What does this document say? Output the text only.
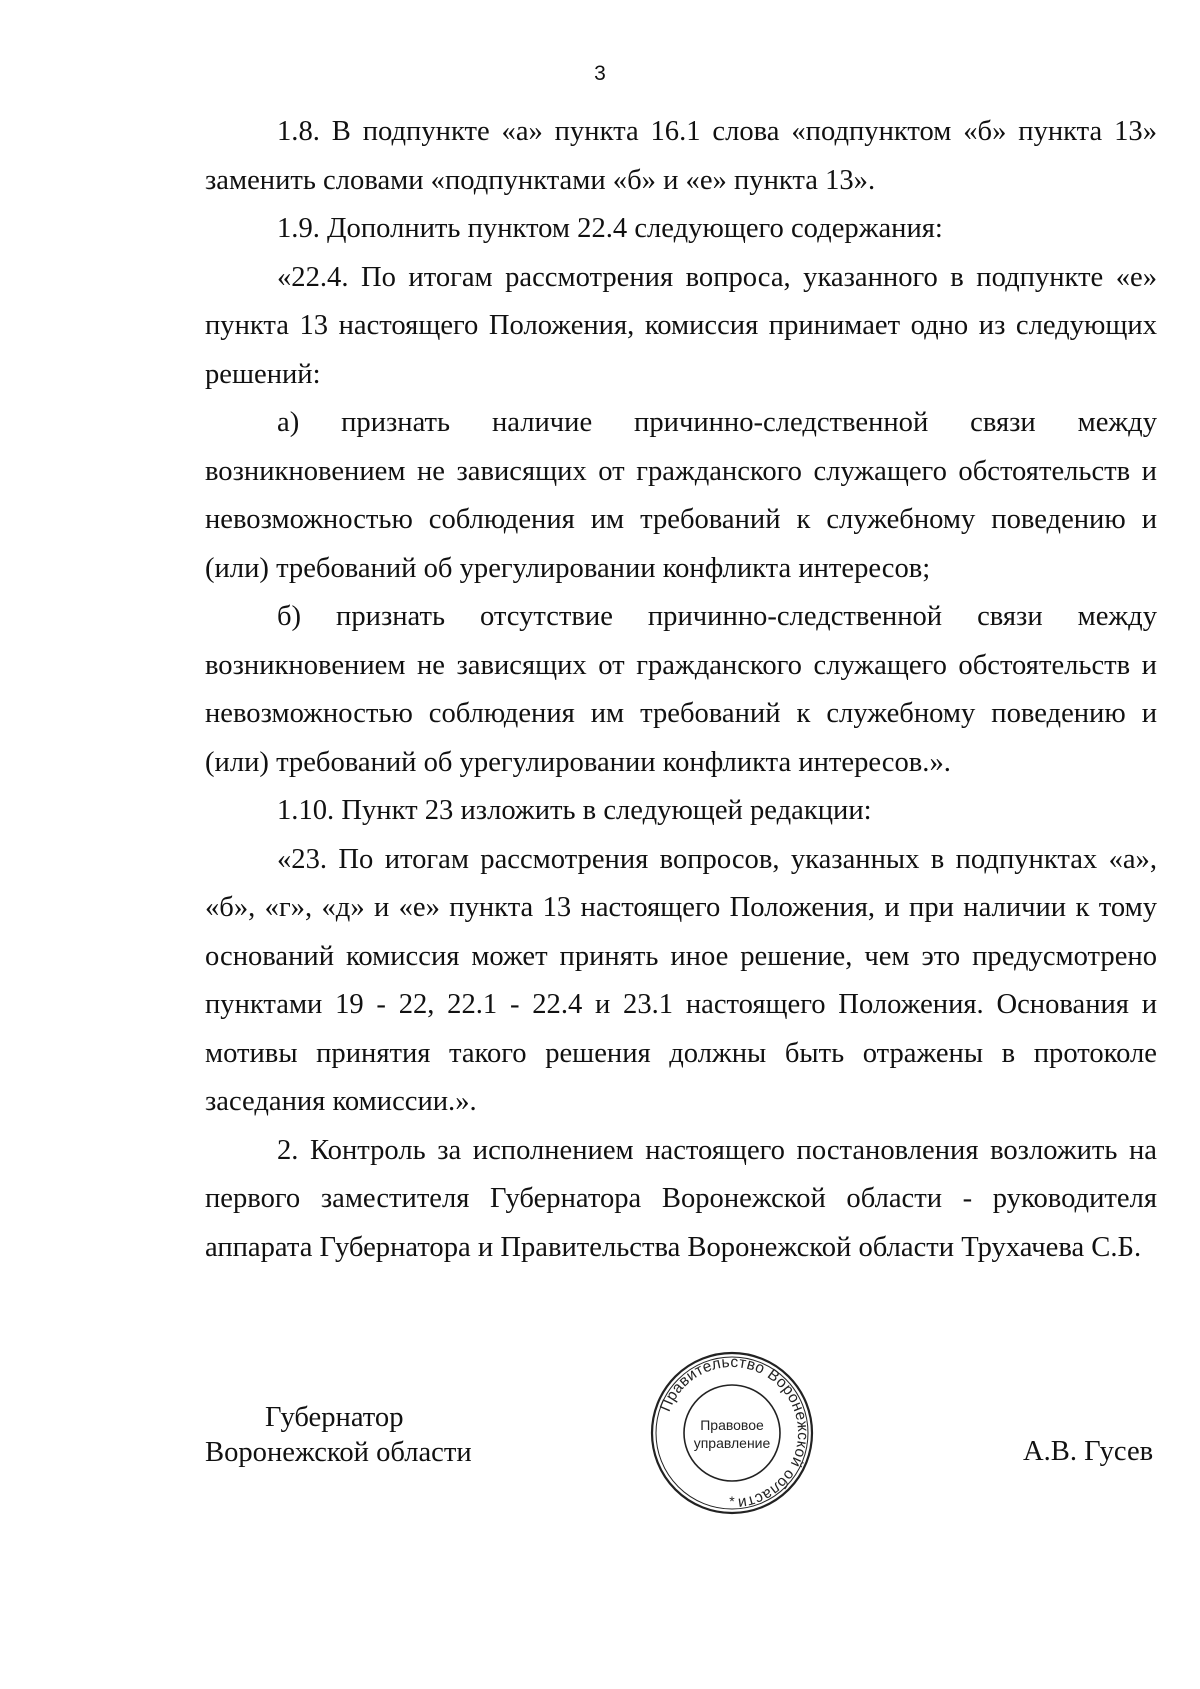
3

1.8. В подпункте «а» пункта 16.1 слова «подпунктом «б» пункта 13» заменить словами «подпунктами «б» и «е» пункта 13».

1.9. Дополнить пунктом 22.4 следующего содержания:

«22.4. По итогам рассмотрения вопроса, указанного в подпункте «е» пункта 13 настоящего Положения, комиссия принимает одно из следующих решений:

а) признать наличие причинно-следственной связи между возникновением не зависящих от гражданского служащего обстоятельств и невозможностью соблюдения им требований к служебному поведению и (или) требований об урегулировании конфликта интересов;

б) признать отсутствие причинно-следственной связи между возникновением не зависящих от гражданского служащего обстоятельств и невозможностью соблюдения им требований к служебному поведению и (или) требований об урегулировании конфликта интересов.».

1.10. Пункт 23 изложить в следующей редакции:

«23. По итогам рассмотрения вопросов, указанных в подпунктах «а», «б», «г», «д» и «е» пункта 13 настоящего Положения, и при наличии к тому оснований комиссия может принять иное решение, чем это предусмотрено пунктами 19 - 22, 22.1 - 22.4 и 23.1 настоящего Положения. Основания и мотивы принятия такого решения должны быть отражены в протоколе заседания комиссии.».

2. Контроль за исполнением настоящего постановления возложить на первого заместителя Губернатора Воронежской области - руководителя аппарата Губернатора и Правительства Воронежской области Трухачева С.Б.

Губернатор
Воронежской области
Правительство Воронежской области
Правовое
управление
*
А.В. Гусев
